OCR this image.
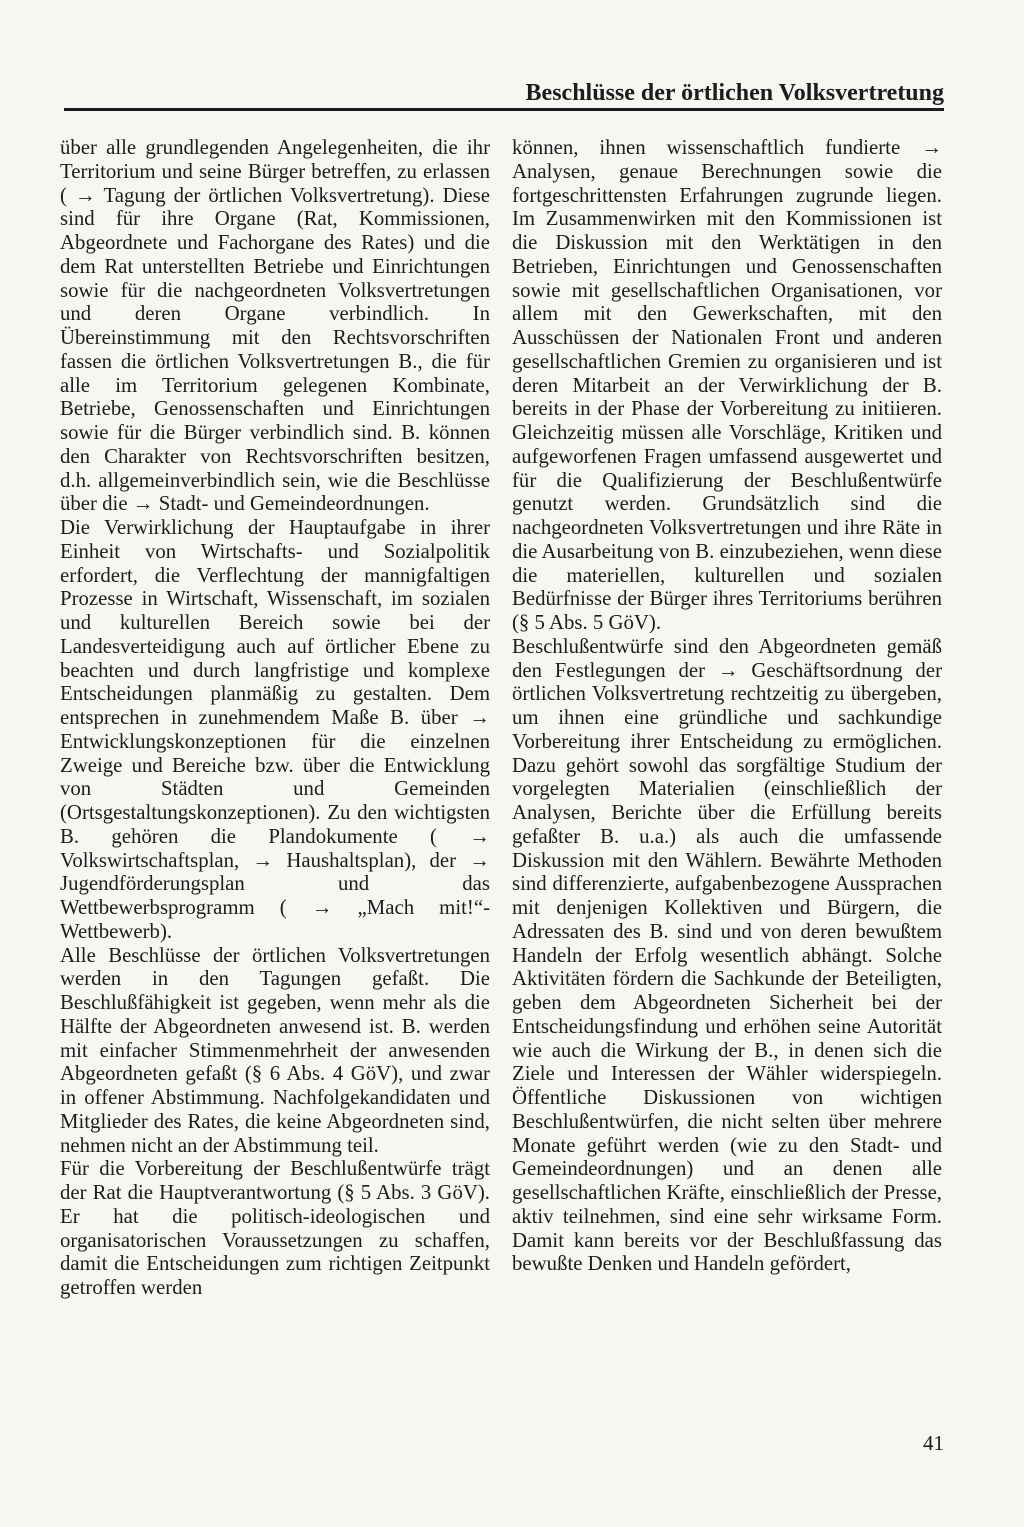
Beschlüsse der örtlichen Volksvertretung

über alle grundlegenden Angelegenheiten, die ihr Territorium und seine Bürger betreffen, zu erlassen ( → Tagung der örtlichen Volksvertretung). Diese sind für ihre Organe (Rat, Kommissionen, Abgeordnete und Fachorgane des Rates) und die dem Rat unterstellten Betriebe und Einrichtungen sowie für die nachgeordneten Volksvertretungen und deren Organe verbindlich. In Übereinstimmung mit den Rechtsvorschriften fassen die örtlichen Volksvertretungen B., die für alle im Territorium gelegenen Kombinate, Betriebe, Genossenschaften und Einrichtungen sowie für die Bürger verbindlich sind. B. können den Charakter von Rechtsvorschriften besitzen, d.h. allgemeinverbindlich sein, wie die Beschlüsse über die → Stadt- und Gemeindeordnungen.

Die Verwirklichung der Hauptaufgabe in ihrer Einheit von Wirtschafts- und Sozialpolitik erfordert, die Verflechtung der mannigfaltigen Prozesse in Wirtschaft, Wissenschaft, im sozialen und kulturellen Bereich sowie bei der Landesverteidigung auch auf örtlicher Ebene zu beachten und durch langfristige und komplexe Entscheidungen planmäßig zu gestalten. Dem entsprechen in zunehmendem Maße B. über → Entwicklungskonzeptionen für die einzelnen Zweige und Bereiche bzw. über die Entwicklung von Städten und Gemeinden (Ortsgestaltungskonzeptionen). Zu den wichtigsten B. gehören die Plandokumente ( → Volkswirtschaftsplan, → Haushaltsplan), der → Jugendförderungsplan und das Wettbewerbsprogramm ( → „Mach mit!“-Wettbewerb).

Alle Beschlüsse der örtlichen Volksvertretungen werden in den Tagungen gefaßt. Die Beschlußfähigkeit ist gegeben, wenn mehr als die Hälfte der Abgeordneten anwesend ist. B. werden mit einfacher Stimmenmehrheit der anwesenden Abgeordneten gefaßt (§ 6 Abs. 4 GöV), und zwar in offener Abstimmung. Nachfolgekandidaten und Mitglieder des Rates, die keine Abgeordneten sind, nehmen nicht an der Abstimmung teil.

Für die Vorbereitung der Beschlußentwürfe trägt der Rat die Hauptverantwortung (§ 5 Abs. 3 GöV). Er hat die politisch-ideologischen und organisatorischen Voraussetzungen zu schaffen, damit die Entscheidungen zum richtigen Zeitpunkt getroffen werden

können, ihnen wissenschaftlich fundierte → Analysen, genaue Berechnungen sowie die fortgeschrittensten Erfahrungen zugrunde liegen. Im Zusammenwirken mit den Kommissionen ist die Diskussion mit den Werktätigen in den Betrieben, Einrichtungen und Genossenschaften sowie mit gesellschaftlichen Organisationen, vor allem mit den Gewerkschaften, mit den Ausschüssen der Nationalen Front und anderen gesellschaftlichen Gremien zu organisieren und ist deren Mitarbeit an der Verwirklichung der B. bereits in der Phase der Vorbereitung zu initiieren. Gleichzeitig müssen alle Vorschläge, Kritiken und aufgeworfenen Fragen umfassend ausgewertet und für die Qualifizierung der Beschlußentwürfe genutzt werden. Grundsätzlich sind die nachgeordneten Volksvertretungen und ihre Räte in die Ausarbeitung von B. einzubeziehen, wenn diese die materiellen, kulturellen und sozialen Bedürfnisse der Bürger ihres Territoriums berühren (§ 5 Abs. 5 GöV).

Beschlußentwürfe sind den Abgeordneten gemäß den Festlegungen der → Geschäftsordnung der örtlichen Volksvertretung rechtzeitig zu übergeben, um ihnen eine gründliche und sachkundige Vorbereitung ihrer Entscheidung zu ermöglichen. Dazu gehört sowohl das sorgfältige Studium der vorgelegten Materialien (einschließlich der Analysen, Berichte über die Erfüllung bereits gefaßter B. u.a.) als auch die umfassende Diskussion mit den Wählern. Bewährte Methoden sind differenzierte, aufgabenbezogene Aussprachen mit denjenigen Kollektiven und Bürgern, die Adressaten des B. sind und von deren bewußtem Handeln der Erfolg wesentlich abhängt. Solche Aktivitäten fördern die Sachkunde der Beteiligten, geben dem Abgeordneten Sicherheit bei der Entscheidungsfindung und erhöhen seine Autorität wie auch die Wirkung der B., in denen sich die Ziele und Interessen der Wähler widerspiegeln. Öffentliche Diskussionen von wichtigen Beschlußentwürfen, die nicht selten über mehrere Monate geführt werden (wie zu den Stadt- und Gemeindeordnungen) und an denen alle gesellschaftlichen Kräfte, einschließlich der Presse, aktiv teilnehmen, sind eine sehr wirksame Form. Damit kann bereits vor der Beschlußfassung das bewußte Denken und Handeln gefördert,

41
